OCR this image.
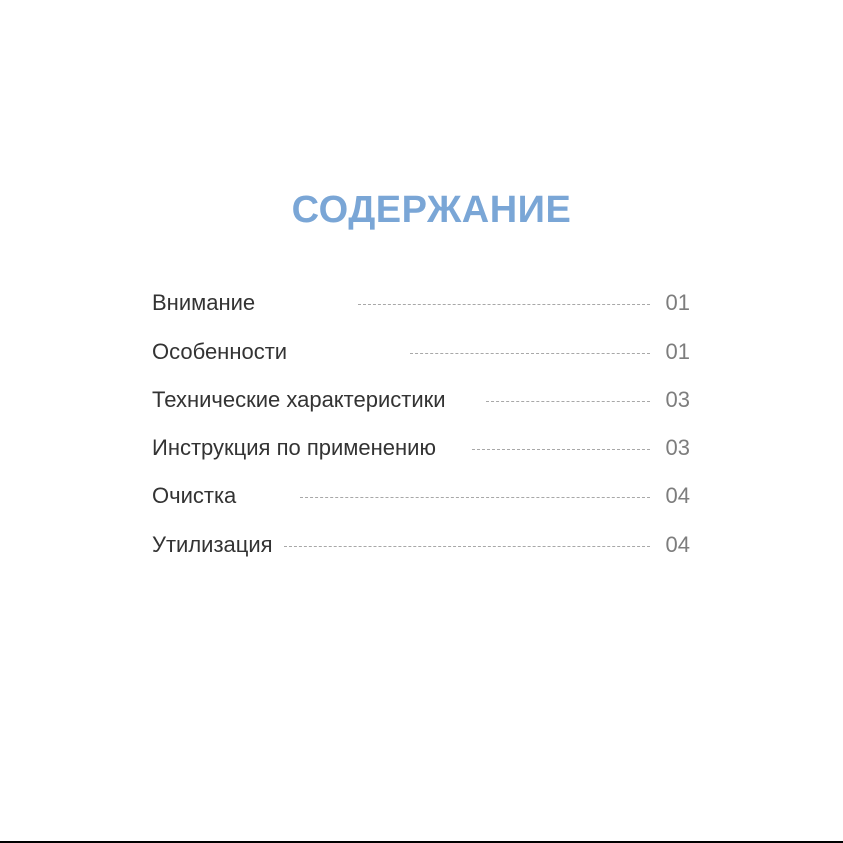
СОДЕРЖАНИЕ
Внимание	01
Особенности	01
Технические характеристики	03
Инструкция по применению	03
Очистка	04
Утилизация	04
